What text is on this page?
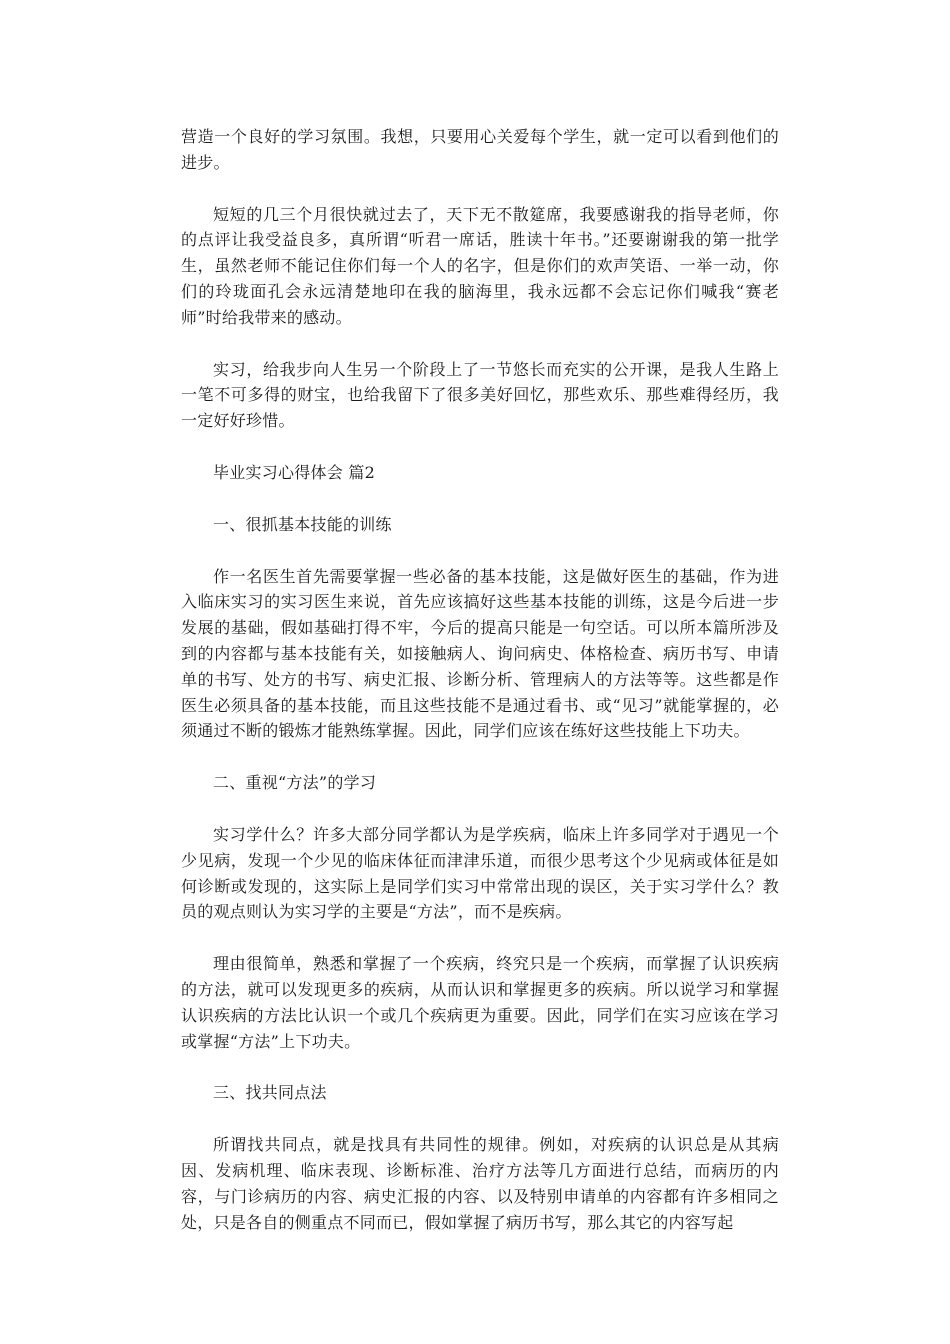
营造一个良好的学习氛围。我想，只要用心关爱每个学生，就一定可以看到他们的进步。

短短的几三个月很快就过去了，天下无不散筵席，我要感谢我的指导老师，你的点评让我受益良多，真所谓“听君一席话，胜读十年书。”还要谢谢我的第一批学生，虽然老师不能记住你们每一个人的名字，但是你们的欢声笑语、一举一动，你们的玲珑面孔会永远清楚地印在我的脑海里，我永远都不会忘记你们喊我“赛老师”时给我带来的感动。

实习，给我步向人生另一个阶段上了一节悠长而充实的公开课，是我人生路上一笔不可多得的财宝，也给我留下了很多美好回忆，那些欢乐、那些难得经历，我一定好好珍惜。

毕业实习心得体会 篇2

一、很抓基本技能的训练

作一名医生首先需要掌握一些必备的基本技能，这是做好医生的基础，作为进入临床实习的实习医生来说，首先应该搞好这些基本技能的训练，这是今后进一步发展的基础，假如基础打得不牢，今后的提高只能是一句空话。可以所本篇所涉及到的内容都与基本技能有关，如接触病人、询问病史、体格检查、病历书写、申请单的书写、处方的书写、病史汇报、诊断分析、管理病人的方法等等。这些都是作医生必须具备的基本技能，而且这些技能不是通过看书、或“见习”就能掌握的，必须通过不断的锻炼才能熟练掌握。因此，同学们应该在练好这些技能上下功夫。

二、重视“方法”的学习

实习学什么？许多大部分同学都认为是学疾病，临床上许多同学对于遇见一个少见病，发现一个少见的临床体征而津津乐道，而很少思考这个少见病或体征是如何诊断或发现的，这实际上是同学们实习中常常出现的误区，关于实习学什么？教员的观点则认为实习学的主要是“方法”，而不是疾病。

理由很简单，熟悉和掌握了一个疾病，终究只是一个疾病，而掌握了认识疾病的方法，就可以发现更多的疾病，从而认识和掌握更多的疾病。所以说学习和掌握认识疾病的方法比认识一个或几个疾病更为重要。因此，同学们在实习应该在学习或掌握“方法”上下功夫。

三、找共同点法

所谓找共同点，就是找具有共同性的规律。例如，对疾病的认识总是从其病因、发病机理、临床表现、诊断标准、治疗方法等几方面进行总结，而病历的内容，与门诊病历的内容、病史汇报的内容、以及特别申请单的内容都有许多相同之处，只是各自的侧重点不同而已，假如掌握了病历书写，那么其它的内容写起
